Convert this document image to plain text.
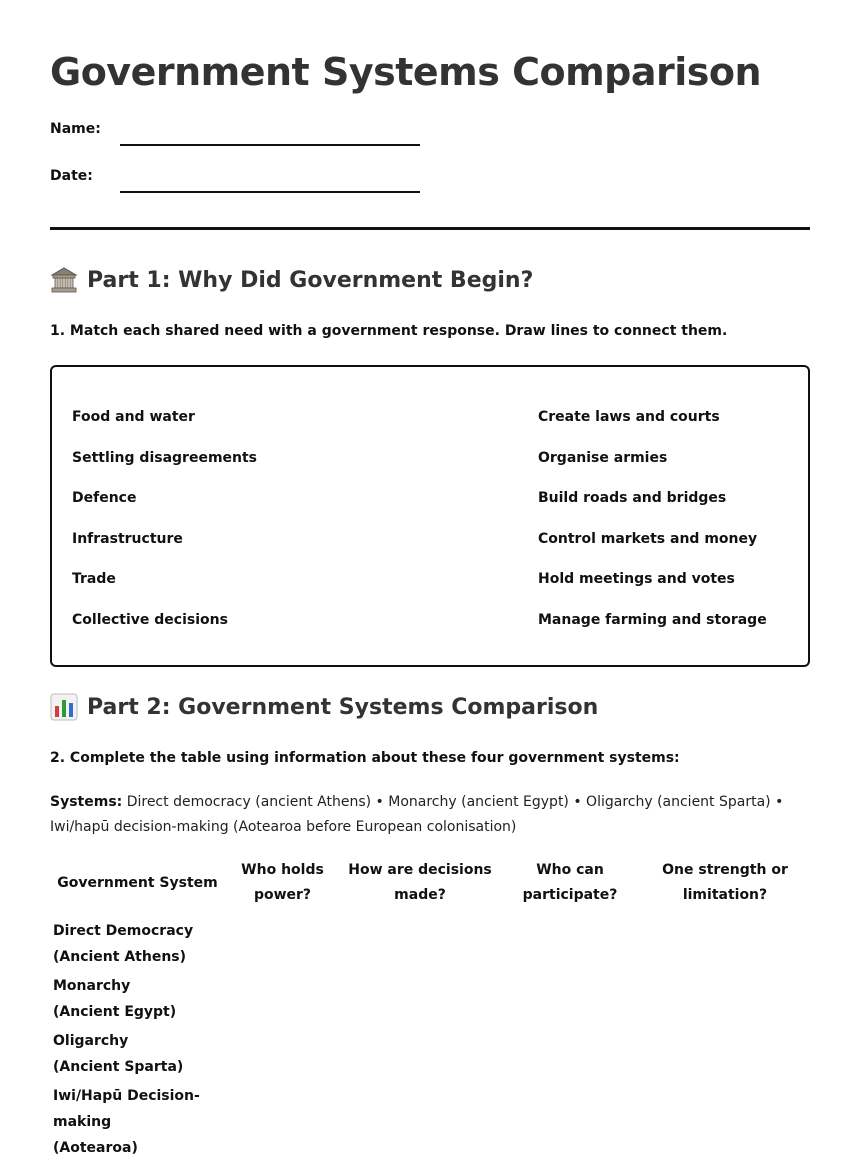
Government Systems Comparison
Name:
Date:
Part 1: Why Did Government Begin?

1. Match each shared need with a government response. Draw lines to connect them.

Food and water
Settling disagreements
Defence
Infrastructure
Trade
Collective decisions
Create laws and courts
Organise armies
Build roads and bridges
Control markets and money
Hold meetings and votes
Manage farming and storage
Part 2: Government Systems Comparison

2. Complete the table using information about these four government systems:

Systems: Direct democracy (ancient Athens) • Monarchy (ancient Egypt) • Oligarchy (ancient Sparta) • Iwi/hapū decision-making (Aotearoa before European colonisation)

Government System	Who holds power?	How are decisions made?	Who can participate?	One strength or limitation?

Direct Democracy
(Ancient Athens)				

Monarchy
(Ancient Egypt)				

Oligarchy
(Ancient Sparta)				

Iwi/Hapū Decision-
making
(Aotearoa)				
